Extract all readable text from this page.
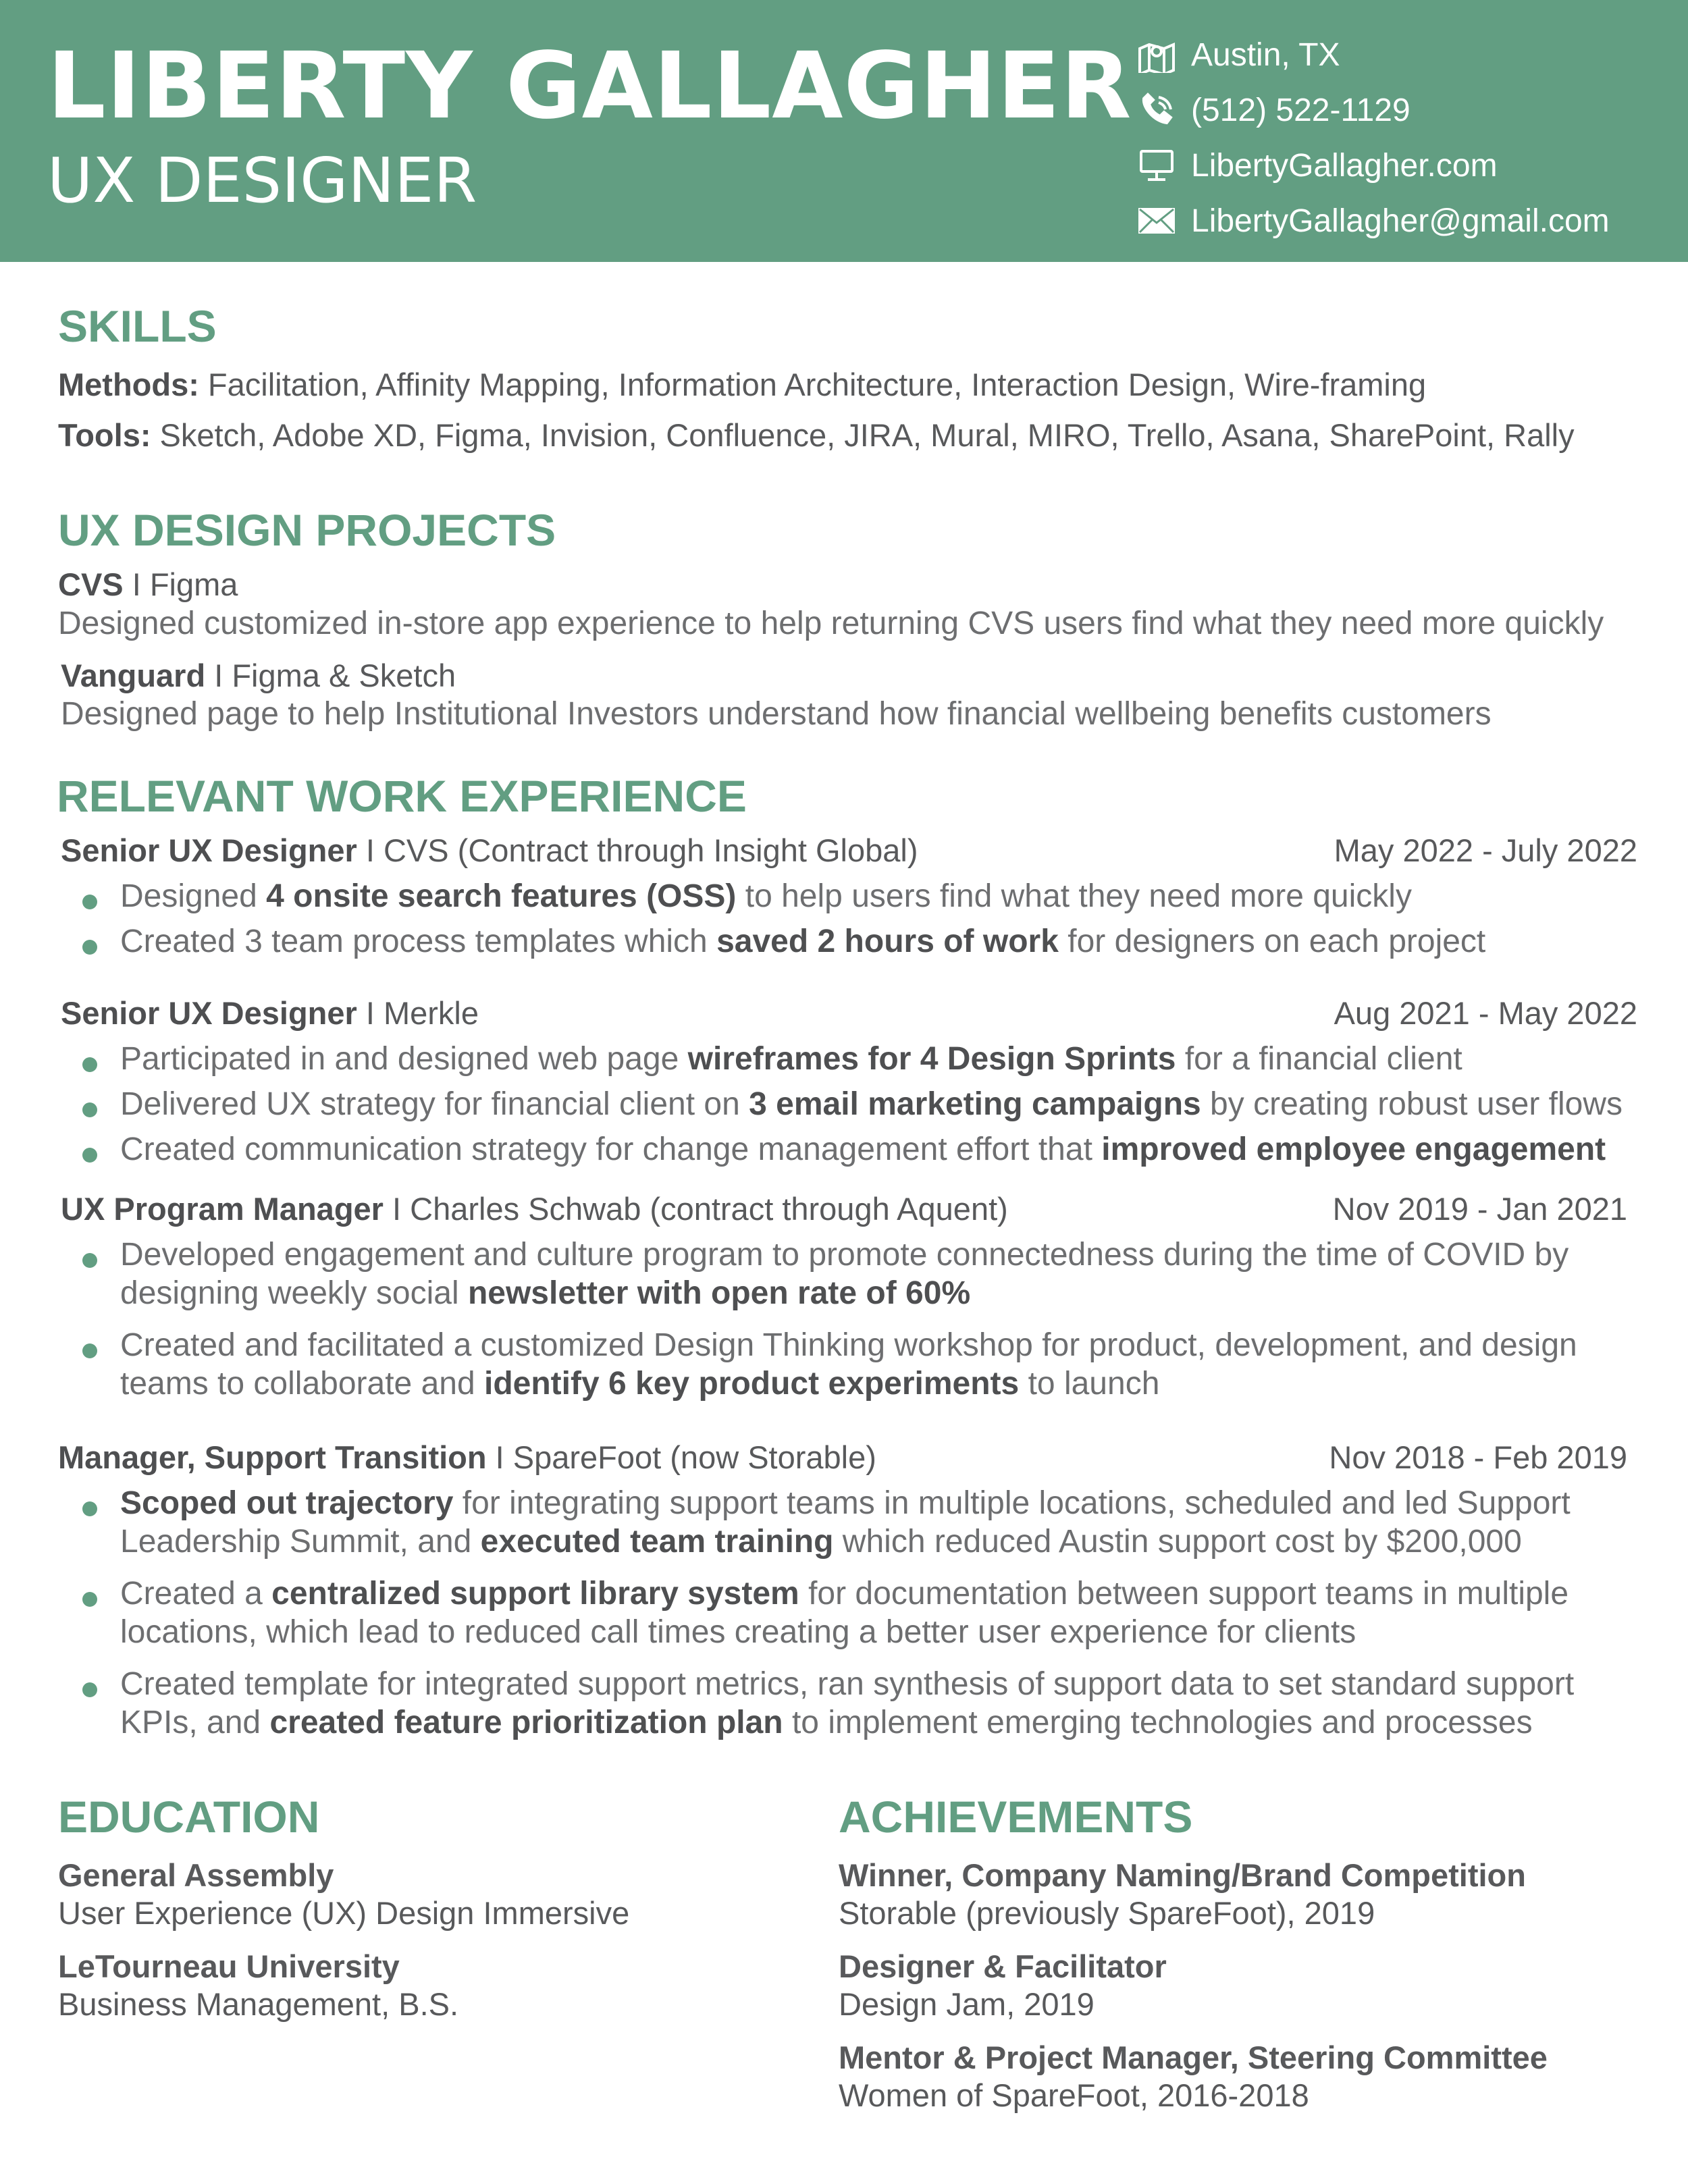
LIBERTY GALLAGHER
UX DESIGNER
Austin, TX
(512) 522-1129
LibertyGallagher.com
LibertyGallagher@gmail.com
SKILLS
Methods: Facilitation, Affinity Mapping, Information Architecture, Interaction Design, Wire-framing
Tools: Sketch, Adobe XD, Figma, Invision, Confluence, JIRA, Mural, MIRO, Trello, Asana, SharePoint, Rally
UX DESIGN PROJECTS
CVS I Figma
Designed customized in-store app experience to help returning CVS users find what they need more quickly
Vanguard I Figma & Sketch
Designed page to help Institutional Investors understand how financial wellbeing benefits customers
RELEVANT WORK EXPERIENCE
Senior UX Designer I CVS (Contract through Insight Global)	May 2022 - July 2022
Designed 4 onsite search features (OSS) to help users find what they need more quickly
Created 3 team process templates which saved 2 hours of work for designers on each project
Senior UX Designer I Merkle	Aug 2021 - May 2022
Participated in and designed web page wireframes for 4 Design Sprints for a financial client
Delivered UX strategy for financial client on 3 email marketing campaigns by creating robust user flows
Created communication strategy for change management effort that improved employee engagement
UX Program Manager I Charles Schwab (contract through Aquent)	Nov 2019 - Jan 2021
Developed engagement and culture program to promote connectedness during the time of COVID by designing weekly social newsletter with open rate of 60%
Created and facilitated a customized Design Thinking workshop for product, development, and design teams to collaborate and identify 6 key product experiments to launch
Manager, Support Transition I SpareFoot (now Storable)	Nov 2018 - Feb 2019
Scoped out trajectory for integrating support teams in multiple locations, scheduled and led Support Leadership Summit, and executed team training which reduced Austin support cost by $200,000
Created a centralized support library system for documentation between support teams in multiple locations, which lead to reduced call times creating a better user experience for clients
Created template for integrated support metrics, ran synthesis of support data to set standard support KPIs, and created feature prioritization plan to implement emerging technologies and processes
EDUCATION
General Assembly
User Experience (UX) Design Immersive
LeTourneau University
Business Management, B.S.
ACHIEVEMENTS
Winner, Company Naming/Brand Competition
Storable (previously SpareFoot), 2019
Designer & Facilitator
Design Jam, 2019
Mentor & Project Manager, Steering Committee
Women of SpareFoot, 2016-2018
